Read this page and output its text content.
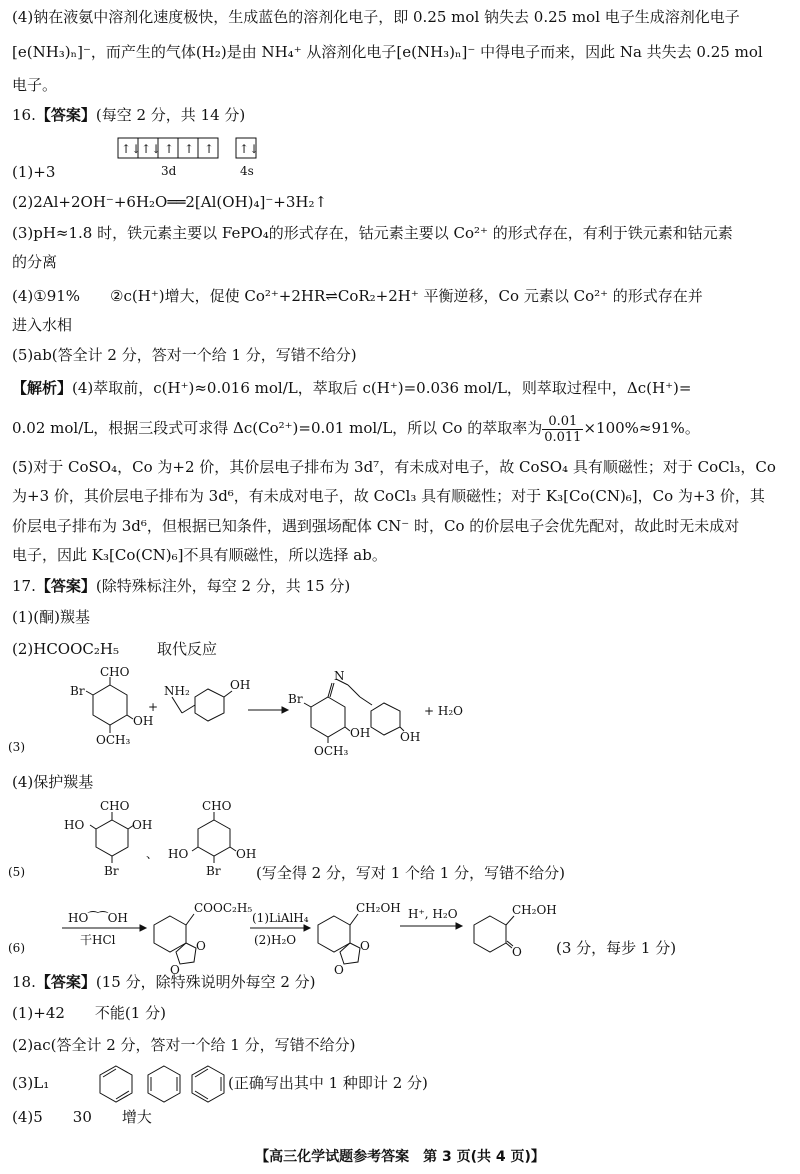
(4)钠在液氨中溶剂化速度极快，生成蓝色的溶剂化电子，即 0.25 mol 钠失去 0.25 mol 电子生成溶剂化电子
[e(NH₃)ₙ]⁻，而产生的气体(H₂)是由 NH₄⁺ 从溶剂化电子[e(NH₃)ₙ]⁻ 中得电子而来，因此 Na 共失去 0.25 mol
电子。
16.【答案】(每空 2 分，共 14 分)
↑↓ ↑↓ ↑ ↑ ↑ ↑↓
3d	4s
(1)+3
(2)2Al+2OH⁻+6H₂O══2[Al(OH)₄]⁻+3H₂↑
(3)pH≈1.8 时，铁元素主要以 FePO₄的形式存在，钴元素主要以 Co²⁺ 的形式存在，有利于铁元素和钴元素
的分离
(4)①91%　　②c(H⁺)增大，促使 Co²⁺+2HR⇌CoR₂+2H⁺ 平衡逆移，Co 元素以 Co²⁺ 的形式存在并
进入水相
(5)ab(答全计 2 分，答对一个给 1 分，写错不给分)
【解析】(4)萃取前，c(H⁺)≈0.016 mol/L，萃取后 c(H⁺)=0.036 mol/L，则萃取过程中，Δc(H⁺)=
0.02 mol/L，根据三段式可求得 Δc(Co²⁺)=0.01 mol/L，所以 Co 的萃取率为 $\frac{0.01}{0.011} \times 100\%\approx 91\%$。
(5)对于 CoSO₄，Co 为+2 价，其价层电子排布为 3d⁷，有未成对电子，故 CoSO₄ 具有顺磁性；对于 CoCl₃，Co
为+3 价，其价层电子排布为 3d⁶，有未成对电子，故 CoCl₃ 具有顺磁性；对于 K₃[Co(CN)₆]，Co 为+3 价，其
价层电子排布为 3d⁶，但根据已知条件，遇到强场配体 CN⁻ 时，Co 的价层电子会优先配对，故此时无未成对
电子，因此 K₃[Co(CN)₆]不具有顺磁性，所以选择 ab。
17.【答案】(除特殊标注外，每空 2 分，共 15 分)
(1)(酮)羰基
(2)HCOOC₂H₅	取代反应
(3)
CHO
Br
OH
OCH₃
+
NH₂	OH
N
Br
OH
OCH₃
OH
+ H₂O
(4)保护羰基
(5)
CHO
HO	OH
Br
、
CHO
HO	OH
Br (写全得 2 分，写对 1 个给 1 分，写错不给分)
(6)
HO⁀⁀OH
干HCl
COOC₂H₅
O
O
(1)LiAlH₄
(2)H₂O
CH₂OH
O
O
H⁺, H₂O	CH₂OH
O (3 分，每步 1 分)
18.【答案】(15 分，除特殊说明外每空 2 分)
(1)+42 不能(1 分)
(2)ac(答全计 2 分，答对一个给 1 分，写错不给分)
(3)L₁	(正确写出其中 1 种即计 2 分)
(4)5 30 增大
【高三化学试题参考答案　第 3 页(共 4 页)】
